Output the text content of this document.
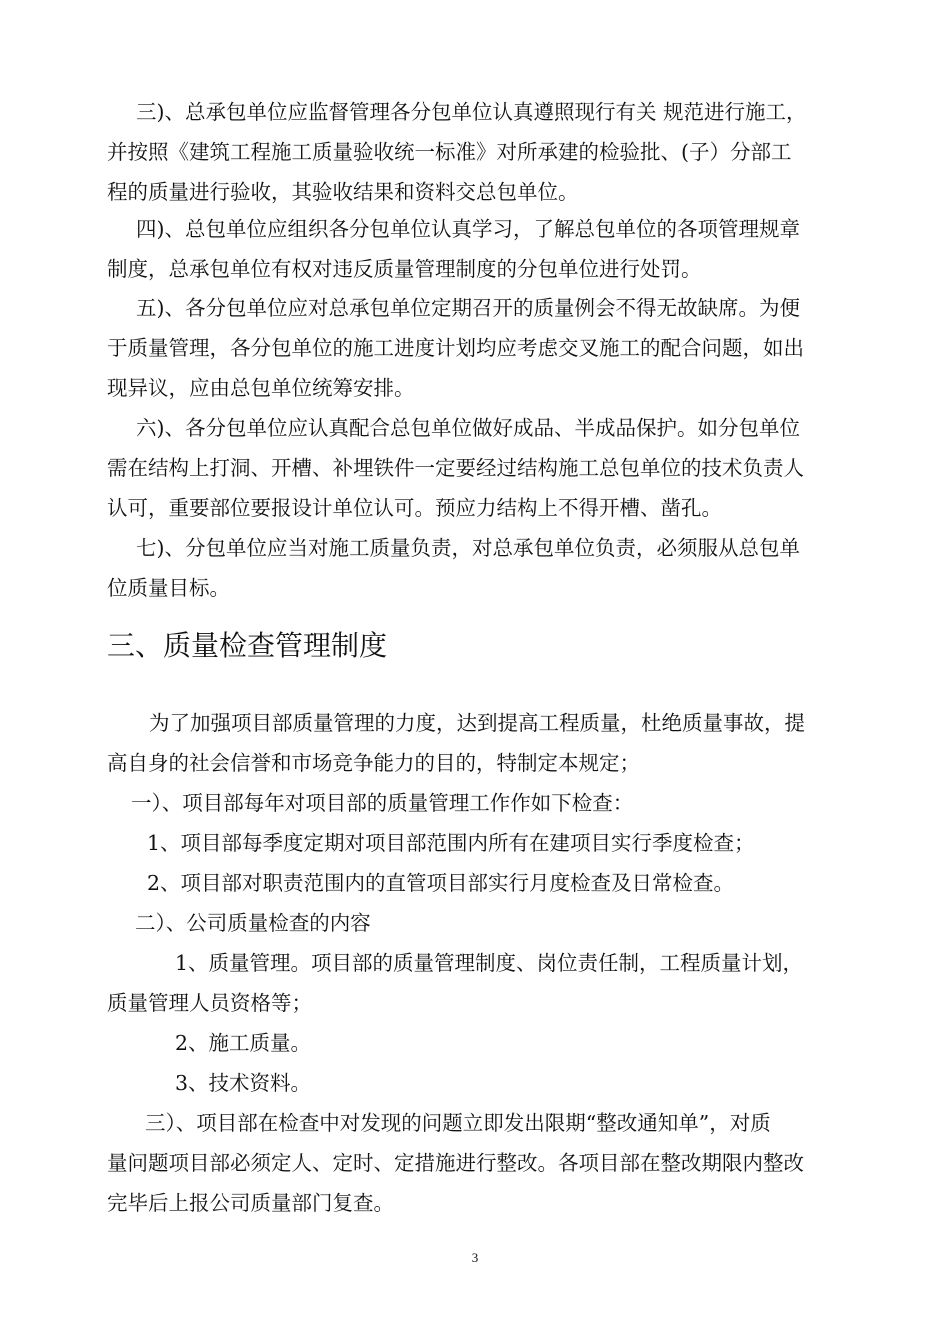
三)、总承包单位应监督管理各分包单位认真遵照现行有关 规范进行施工，
并按照《建筑工程施工质量验收统一标准》对所承建的检验批、(子）分部工
程的质量进行验收，其验收结果和资料交总包单位。

四)、总包单位应组织各分包单位认真学习，了解总包单位的各项管理规章
制度，总承包单位有权对违反质量管理制度的分包单位进行处罚。

五)、各分包单位应对总承包单位定期召开的质量例会不得无故缺席。为便
于质量管理，各分包单位的施工进度计划均应考虑交叉施工的配合问题，如出
现异议，应由总包单位统筹安排。

六)、各分包单位应认真配合总包单位做好成品、半成品保护。如分包单位
需在结构上打洞、开槽、补埋铁件一定要经过结构施工总包单位的技术负责人
认可，重要部位要报设计单位认可。预应力结构上不得开槽、凿孔。

七)、分包单位应当对施工质量负责，对总承包单位负责，必须服从总包单
位质量目标。

三、质量检查管理制度

为了加强项目部质量管理的力度，达到提高工程质量，杜绝质量事故，提
高自身的社会信誉和市场竞争能力的目的，特制定本规定；

一）、项目部每年对项目部的质量管理工作作如下检查：

1、项目部每季度定期对项目部范围内所有在建项目实行季度检查；

2、项目部对职责范围内的直管项目部实行月度检查及日常检查。

二）、公司质量检查的内容

1、质量管理。项目部的质量管理制度、岗位责任制，工程质量计划，
质量管理人员资格等；

2、施工质量。

3、技术资料。

三）、项目部在检查中对发现的问题立即发出限期“整改通知单”，对质
量问题项目部必须定人、定时、定措施进行整改。各项目部在整改期限内整改
完毕后上报公司质量部门复查。

3
